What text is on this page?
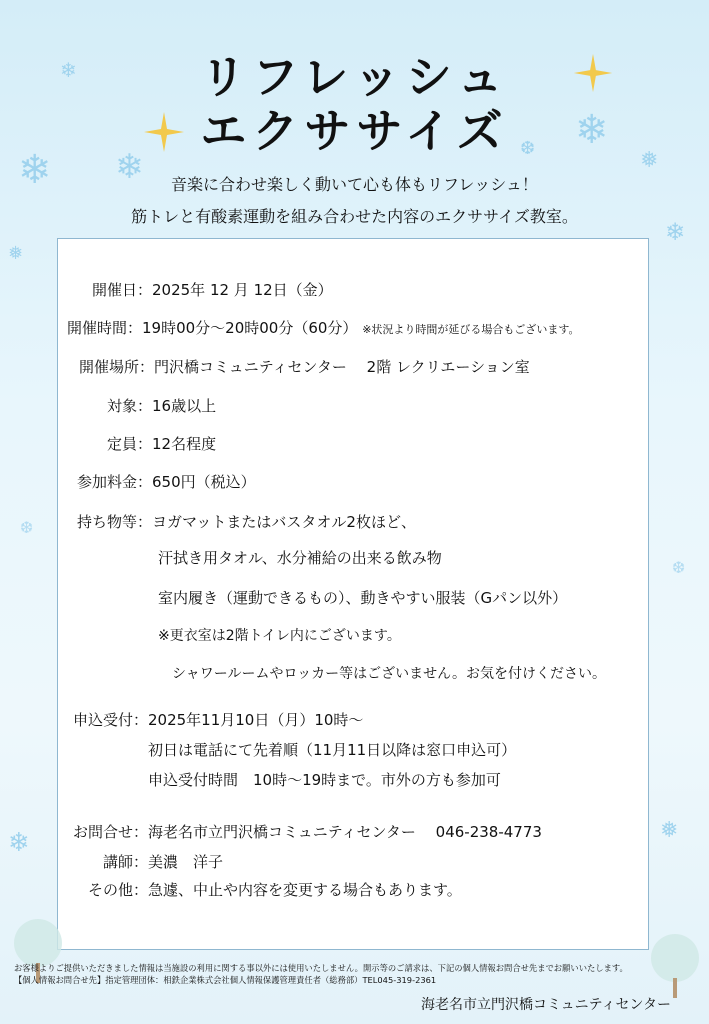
❄ ❄
❄
❅
❄
❅
❄
❆
❄	❅
❆
❆
リフレッシュ
エクササイズ
音楽に合わせ楽しく動いて心も体もリフレッシュ！
筋トレと有酸素運動を組み合わせた内容のエクササイズ教室。
開催日：2025年 12 月 12日（金）
開催時間：19時00分～20時00分（60分） ※状況より時間が延びる場合もございます。
開催場所：門沢橋コミュニティセンター　 2階 レクリエーション室
対象：16歳以上
定員：12名程度
参加料金：650円（税込）
持ち物等：ヨガマットまたはバスタオル2枚ほど、
汗拭き用タオル、水分補給の出来る飲み物
室内履き（運動できるもの）、動きやすい服装（Gパン以外）
※更衣室は2階トイレ内にございます。
シャワールームやロッカー等はございません。お気を付けください。
申込受付：2025年11月10日（月）10時～
初日は電話にて先着順（11月11日以降は窓口申込可）
申込受付時間　10時～19時まで。市外の方も参加可
お問合せ：海老名市立門沢橋コミュニティセンター　 046-238-4773
講師：美濃　洋子
その他：急遽、中止や内容を変更する場合もあります。
お客様よりご提供いただきました情報は当施設の利用に関する事以外には使用いたしません。開示等のご請求は、下記の個人情報お問合せ先までお願いいたします。
【個人情報お問合せ先】指定管理団体：相鉄企業株式会社個人情報保護管理責任者（総務部）TEL045-319-2361
海老名市立門沢橋コミュニティセンター
